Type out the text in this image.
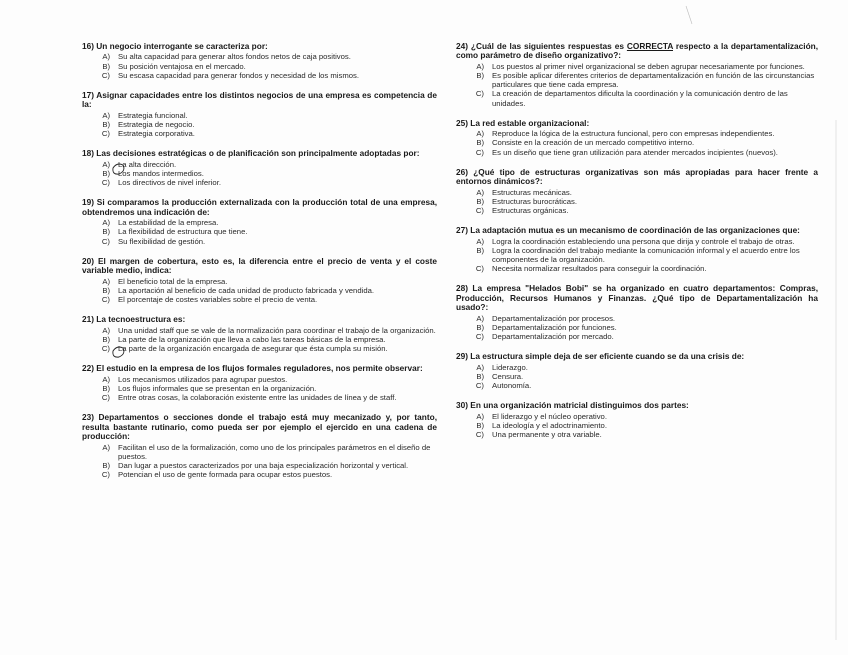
16) Un negocio interrogante se caracteriza por:
A)	Su alta capacidad para generar altos fondos netos de caja positivos.
B)	Su posición ventajosa en el mercado.
C)	Su escasa capacidad para generar fondos y necesidad de los mismos.
17) Asignar capacidades entre los distintos negocios de una empresa es competencia de la:
A)	Estrategia funcional.
B)	Estrategia de negocio.
C)	Estrategia corporativa.
18) Las decisiones estratégicas o de planificación son principalmente adoptadas por:
A)	La alta dirección.
B)	Los mandos intermedios.
C)	Los directivos de nivel inferior.
19) Si comparamos la producción externalizada con la producción total de una empresa, obtendremos una indicación de:
A)	La estabilidad de la empresa.
B)	La flexibilidad de estructura que tiene.
C)	Su flexibilidad de gestión.
20) El margen de cobertura, esto es, la diferencia entre el precio de venta y el coste variable medio, indica:
A)	El beneficio total de la empresa.
B)	La aportación al beneficio de cada unidad de producto fabricada y vendida.
C)	El porcentaje de costes variables sobre el precio de venta.
21) La tecnoestructura es:
A)	Una unidad staff que se vale de la normalización para coordinar el trabajo de la organización.
B)	La parte de la organización que lleva a cabo las tareas básicas de la empresa.
C)	La parte de la organización encargada de asegurar que ésta cumpla su misión.
22) El estudio en la empresa de los flujos formales reguladores, nos permite observar:
A)	Los mecanismos utilizados para agrupar puestos.
B)	Los flujos informales que se presentan en la organización.
C)	Entre otras cosas, la colaboración existente entre las unidades de línea y de staff.
23) Departamentos o secciones donde el trabajo está muy mecanizado y, por tanto, resulta bastante rutinario, como pueda ser por ejemplo el ejercido en una cadena de producción:
A)	Facilitan el uso de la formalización, como uno de los principales parámetros en el diseño de puestos.
B)	Dan lugar a puestos caracterizados por una baja especialización horizontal y vertical.
C)	Potencian el uso de gente formada para ocupar estos puestos.
24) ¿Cuál de las siguientes respuestas es CORRECTA respecto a la departamentalización, como parámetro de diseño organizativo?:
A)	Los puestos al primer nivel organizacional se deben agrupar necesariamente por funciones.
B)	Es posible aplicar diferentes criterios de departamentalización en función de las circunstancias particulares que tiene cada empresa.
C)	La creación de departamentos dificulta la coordinación y la comunicación dentro de las unidades.
25) La red estable organizacional:
A)	Reproduce la lógica de la estructura funcional, pero con empresas independientes.
B)	Consiste en la creación de un mercado competitivo interno.
C)	Es un diseño que tiene gran utilización para atender mercados incipientes (nuevos).
26) ¿Qué tipo de estructuras organizativas son más apropiadas para hacer frente a entornos dinámicos?:
A)	Estructuras mecánicas.
B)	Estructuras burocráticas.
C)	Estructuras orgánicas.
27) La adaptación mutua es un mecanismo de coordinación de las organizaciones que:
A)	Logra la coordinación estableciendo una persona que dirija y controle el trabajo de otras.
B)	Logra la coordinación del trabajo mediante la comunicación informal y el acuerdo entre los componentes de la organización.
C)	Necesita normalizar resultados para conseguir la coordinación.
28) La empresa "Helados Bobi" se ha organizado en cuatro departamentos: Compras, Producción, Recursos Humanos y Finanzas. ¿Qué tipo de Departamentalización ha usado?:
A)	Departamentalización por procesos.
B)	Departamentalización por funciones.
C)	Departamentalización por mercado.
29) La estructura simple deja de ser eficiente cuando se da una crisis de:
A)	Liderazgo.
B)	Censura.
C)	Autonomía.
30) En una organización matricial distinguimos dos partes:
A)	El liderazgo y el núcleo operativo.
B)	La ideología y el adoctrinamiento.
C)	Una permanente y otra variable.
